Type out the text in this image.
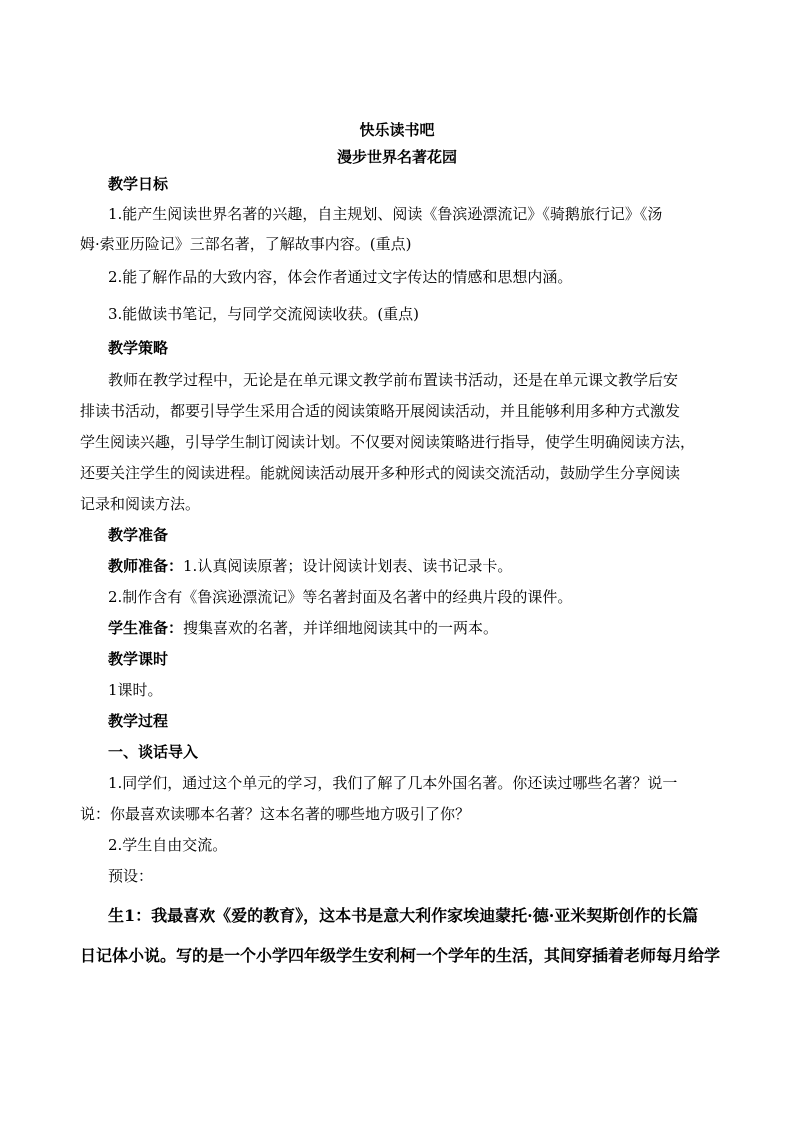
快乐读书吧

漫步世界名著花园

教学日标

1.能产生阅读世界名著的兴趣，自主规划、阅读《鲁滨逊漂流记》《骑鹅旅行记》《汤

姆·索亚历险记》三部名著，了解故事内容。(重点)

2.能了解作品的大致内容，体会作者通过文字传达的情感和思想内涵。

3.能做读书笔记，与同学交流阅读收获。(重点)

教学策略

教师在教学过程中，无论是在单元课文教学前布置读书活动，还是在单元课文教学后安

排读书活动，都要引导学生采用合适的阅读策略开展阅读活动，并且能够利用多种方式激发

学生阅读兴趣，引导学生制订阅读计划。不仅要对阅读策略进行指导，使学生明确阅读方法，

还要关注学生的阅读进程。能就阅读活动展开多种形式的阅读交流活动，鼓励学生分享阅读

记录和阅读方法。

教学准备

教师准备：1.认真阅读原著；设计阅读计划表、读书记录卡。

2.制作含有《鲁滨逊漂流记》等名著封面及名著中的经典片段的课件。

学生准备：搜集喜欢的名著，并详细地阅读其中的一两本。

教学课时

1课时。

教学过程

一、谈话导入

1.同学们，通过这个单元的学习，我们了解了几本外国名著。你还读过哪些名著？说一

说：你最喜欢读哪本名著？这本名著的哪些地方吸引了你？

2.学生自由交流。

预设：

生1：我最喜欢《爱的教育》，这本书是意大利作家埃迪蒙托·德·亚米契斯创作的长篇

日记体小说。写的是一个小学四年级学生安利柯一个学年的生活，其间穿插着老师每月给学
